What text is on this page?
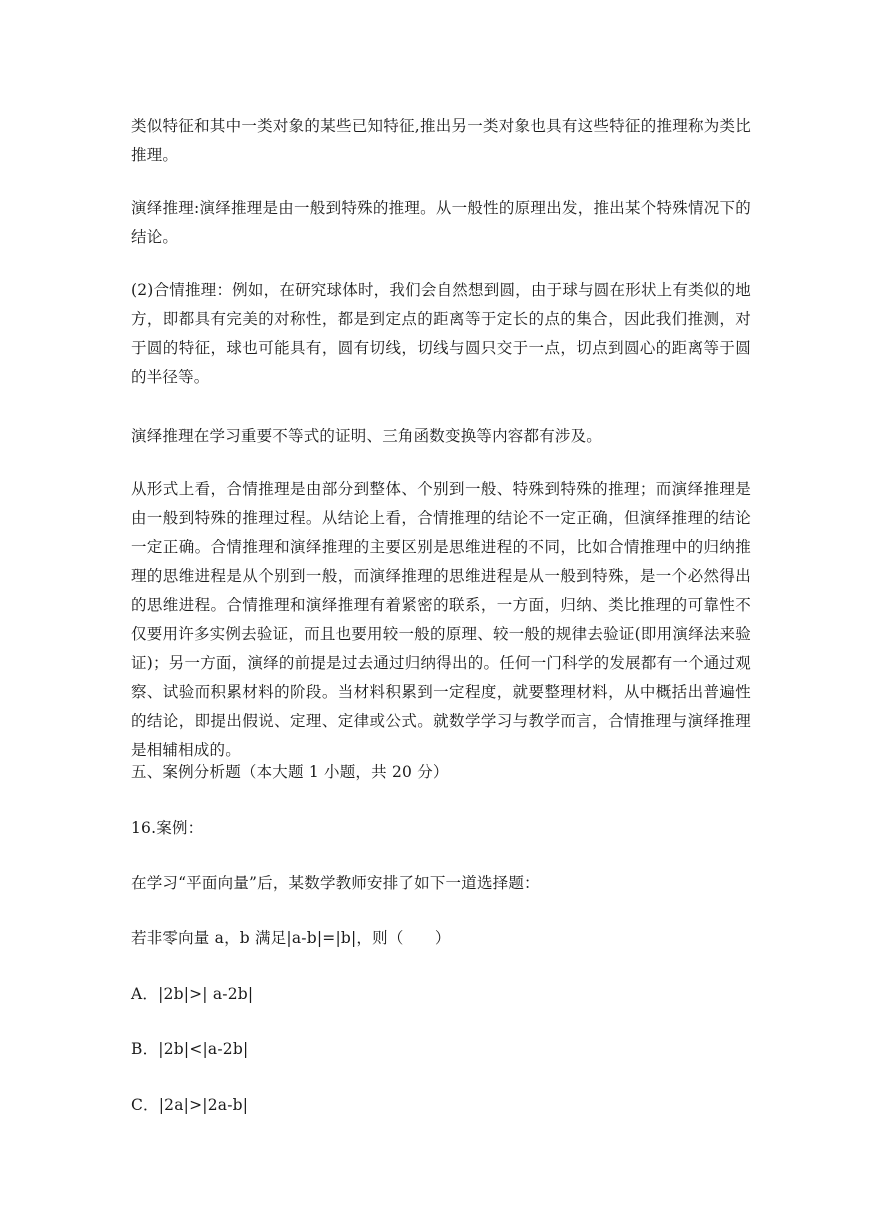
类似特征和其中一类对象的某些已知特征,推出另一类对象也具有这些特征的推理称为类比推理。

演绎推理:演绎推理是由一般到特殊的推理。从一般性的原理出发，推出某个特殊情况下的结论。

(2)合情推理：例如，在研究球体时，我们会自然想到圆，由于球与圆在形状上有类似的地方，即都具有完美的对称性，都是到定点的距离等于定长的点的集合，因此我们推测，对于圆的特征，球也可能具有，圆有切线，切线与圆只交于一点，切点到圆心的距离等于圆的半径等。

演绎推理在学习重要不等式的证明、三角函数变换等内容都有涉及。

从形式上看，合情推理是由部分到整体、个别到一般、特殊到特殊的推理；而演绎推理是由一般到特殊的推理过程。从结论上看，合情推理的结论不一定正确，但演绎推理的结论一定正确。合情推理和演绎推理的主要区别是思维进程的不同，比如合情推理中的归纳推理的思维进程是从个别到一般，而演绎推理的思维进程是从一般到特殊，是一个必然得出的思维进程。合情推理和演绎推理有着紧密的联系，一方面，归纳、类比推理的可靠性不仅要用许多实例去验证，而且也要用较一般的原理、较一般的规律去验证(即用演绎法来验证)；另一方面，演绎的前提是过去通过归纳得出的。任何一门科学的发展都有一个通过观察、试验而积累材料的阶段。当材料积累到一定程度，就要整理材料，从中概括出普遍性的结论，即提出假说、定理、定律或公式。就数学学习与教学而言，合情推理与演绎推理是相辅相成的。

五、案例分析题（本大题 1 小题，共 20 分）

16.案例：

在学习“平面向量”后，某数学教师安排了如下一道选择题：

若非零向量 a，b 满足|a-b|=|b|，则（　　）

A．|2b|>| a-2b|

B．|2b|<|a-2b|

C．|2a|>|2a-b|
